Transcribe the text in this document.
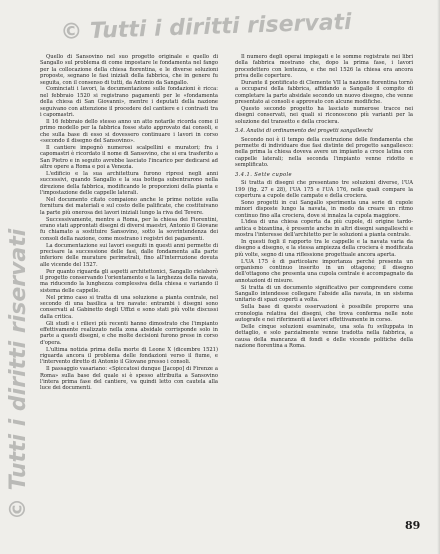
Quello di Sansovino nel suo progetto originale e quello di Sangallo sul problema di come impostare le fondamenta nel fango per la collocazione della chiesa fiorentina, e le diverse soluzioni proposte, segnano le fasi iniziali della fabbrica, che in genere fu seguita, con il consenso di tutti, da Antonio da Sangallo.

Cominciati i lavori, la documentazione sulle fondazioni è ricca: nel febbraio 1520 si registrano pagamenti per le «fondamenta della chiesa di San Giovanni», mentre i deputati della nazione seguivano con attenzione il procedere del cantiere e i contrasti tra i capomastri.

Il 16 febbraio dello stesso anno un atto notarile ricorda come il primo modello per la fabbrica fosse stato approvato dai consoli, e che sulla base di esso si dovessero continuare i lavori in corso «secondo il disegno del Sansovino».

Il cantiere impegnò numerosi scalpellini e muratori; fra i capomastri è ricordato il nome di Sansovino, che si era trasferito a San Pietro e in seguito avrebbe lasciato l'incarico per dedicarsi ad altre opere a Roma e poi a Venezia.

L'edificio e la sua architettura furono ripresi negli anni successivi, quando Sangallo e la sua bottega subentrarono nella direzione della fabbrica, modificando le proporzioni della pianta e l'impostazione delle cappelle laterali.

Nel documento citato compaiono anche le prime notizie sulla fornitura dei materiali e sul costo delle palificate, che costituivano la parte più onerosa dei lavori iniziali lungo la riva del Tevere.

Successivamente, mentre a Roma, per la chiesa dei Fiorentini, erano stati approntati disegni di diversi maestri, Antonio il Giovane fu chiamato a sostituire Sansovino, sotto la sovrintendenza dei consoli della nazione, come mostrano i registri dei pagamenti.

La documentazione sui lavori eseguiti in questi anni permette di precisare la successione delle fasi, dalle fondamenta alla parte inferiore delle murature perimetrali, fino all'interruzione dovuta alle vicende del 1527.

Per quanto riguarda gli aspetti architettonici, Sangallo rielaborò il progetto conservando l'orientamento e la larghezza della navata, ma riducendo la lunghezza complessiva della chiesa e variando il sistema delle cappelle.

Nel primo caso si tratta di una soluzione a pianta centrale, nel secondo di una basilica a tre navate: entrambi i disegni sono conservati al Gabinetto degli Uffizi e sono stati più volte discussi dalla critica.

Gli studi e i rilievi più recenti hanno dimostrato che l'impianto effettivamente realizzato nella zona absidale corrisponde solo in parte a questi disegni, e che molte decisioni furono prese in corso d'opera.

L'ultima notizia prima della morte di Leone X (dicembre 1521) riguarda ancora il problema delle fondazioni verso il fiume, e l'intervento diretto di Antonio il Giovane presso i consoli.

Il passaggio vasariano: «Spiccatosi dunque [Jacopo] di Firenze a Roma» sulla base del quale si è spesso attribuita a Sansovino l'intera prima fase del cantiere, va quindi letto con cautela alla luce dei documenti.

Il numero degli operai impiegati e le somme registrate nei libri della fabbrica mostrano che, dopo la prima fase, i lavori procedettero con lentezza, e che nel 1526 la chiesa era ancora priva delle coperture.

Durante il pontificato di Clemente VII la nazione fiorentina tornò a occuparsi della fabbrica, affidando a Sangallo il compito di completare la parte absidale secondo un nuovo disegno, che venne presentato ai consoli e approvato con alcune modifiche.

Questo secondo progetto ha lasciato numerose tracce nei disegni conservati, nei quali si riconoscono più varianti per la soluzione del transetto e della crociera.

3.4. Analisi di ordinamento dei progetti sangalleschi

Secondo noi è il tempo della costruzione delle fondamenta che permette di individuare due fasi distinte del progetto sangallesco: nella prima la chiesa doveva avere un impianto a croce latina con cappelle laterali; nella seconda l'impianto venne ridotto e semplificato.

3.4.1. Sette cupole

Si tratta di disegni che presentano tre soluzioni diverse, l'UA 199 (fig. 27 e 28), l'UA 175 e l'UA 176, nelle quali compare la copertura a cupole delle campate e della crociera.

Sono progetti in cui Sangallo sperimenta una serie di cupole minori disposte lungo la navata, in modo da creare un ritmo continuo fino alla crociera, dove si innalza la cupola maggiore.

L'idea di una chiesa coperta da più cupole, di origine tardo-antica e bizantina, è presente anche in altri disegni sangalleschi e mostra l'interesse dell'architetto per le soluzioni a pianta centrale.

In questi fogli il rapporto tra le cappelle e la navata varia da disegno a disegno, e la stessa ampiezza della crociera è modificata più volte, segno di una riflessione progettuale ancora aperta.

L'UA 175 è di particolare importanza perché presenta un organismo continuo inserito in un ottagono; il disegno dell'ottagono che presenta una cupola centrale è accompagnato da annotazioni di misure.

Si tratta di un documento significativo per comprendere come Sangallo intendesse collegare l'abside alla navata, in un sistema unitario di spazi coperti a volta.

Sulla base di queste osservazioni è possibile proporre una cronologia relativa dei disegni, che trova conferma nelle note autografe e nei riferimenti ai lavori effettivamente in corso.

Delle cinque soluzioni esaminate, una sola fu sviluppata in dettaglio, e solo parzialmente venne tradotta nella fabbrica, a causa della mancanza di fondi e delle vicende politiche della nazione fiorentina a Roma.

© Tutti i diritti riservati
© Tutti i diritti riservati
89
